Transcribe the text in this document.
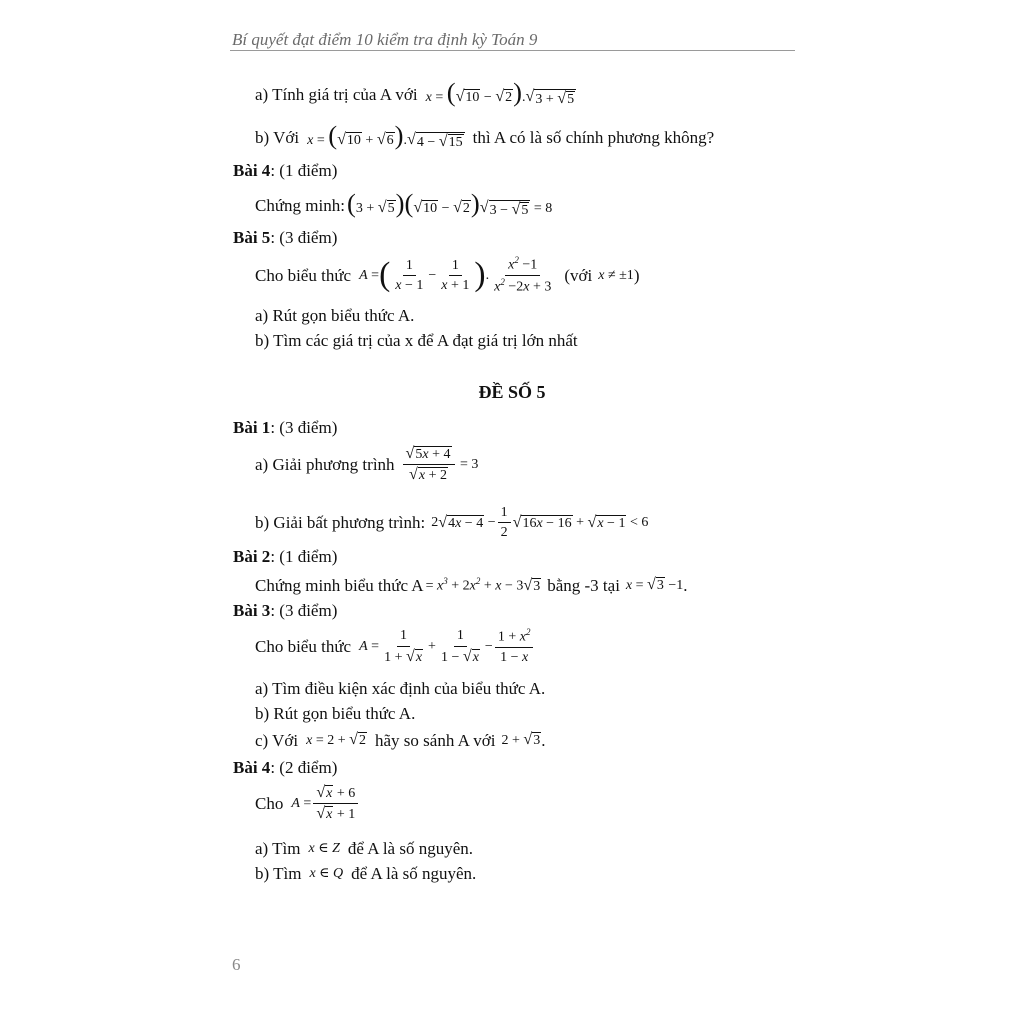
Bí quyết đạt điểm 10 kiểm tra định kỳ Toán 9
a) Tính giá trị của A với x = ( √ 10 − √ 2 ). √ 3 + √ 5
b) Với x = ( √ 10 + √ 6 ). √ 4 − √ 15 thì A có là số chính phương không?
Bài 4 : (1 điểm)
Chứng minh: (3 + √ 5 )( √ 10 − √ 2 ) √ 3 − √ 5 = 8
Bài 5 : (3 điểm)
Cho biểu thức A = ( $\frac{1}{x - 1} - \frac{1}{x + 1}$ ) . $\frac{x^2 -1}{x^2 -2x + 3}$ (với x ≠ ±1 )
a) Rút gọn biểu thức A.
b) Tìm các giá trị của x để A đạt giá trị lớn nhất
ĐỀ SỐ 5
Bài 1 : (3 điểm)
a) Giải phương trình $\frac{√ 5x + 4}{√ x + 2} = 3$
b) Giải bất phương trình: 2 √ $4x - 4 - \frac{1}{2}$ √ 16x − 16 + √ x − 1 < 6
Bài 2 : (1 điểm)
Chứng minh biểu thức $A = x^3 + 2x^2 + x - 3$ √ 3 bằng -3 tại x = √ 3 −1 .
Bài 3 : (3 điểm)
Cho biểu thức $A = \frac{1}{1 + √ x} + \frac{1}{1 - √ x} - \frac{1 + x^2}{1 - x}$
a) Tìm điều kiện xác định của biểu thức A.
b) Rút gọn biểu thức A.
c) Với x = 2 + √ 2 hãy so sánh A với 2 + √ 3 .
Bài 4 : (2 điểm)
Cho $A = \frac{√ x + 6}{√ x + 1}$
a) Tìm x ∈ Z để A là số nguyên.
b) Tìm x ∈ Q để A là số nguyên.
6
